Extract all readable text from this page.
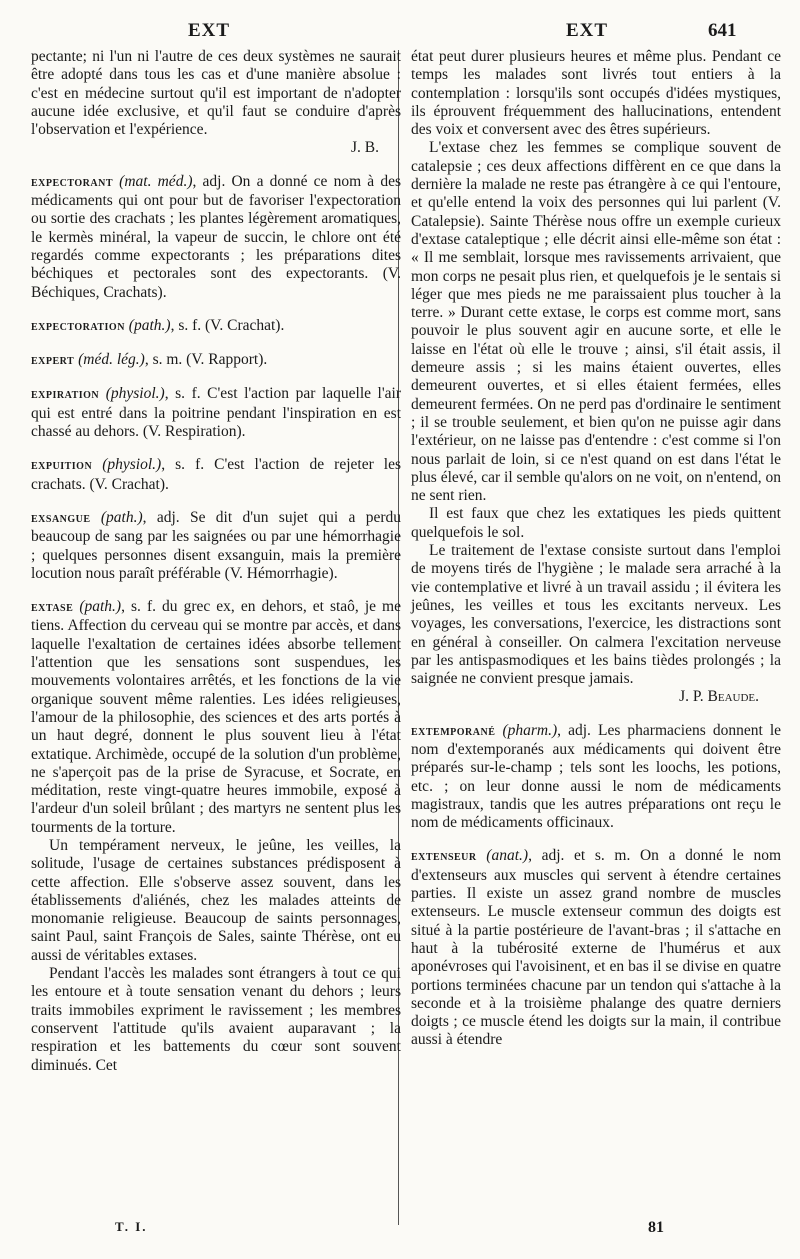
EXT	EXT	641

pectante; ni l'un ni l'autre de ces deux systèmes ne saurait être adopté dans tous les cas et d'une manière absolue : c'est en médecine surtout qu'il est important de n'adopter aucune idée exclusive, et qu'il faut se conduire d'après l'observation et l'expérience.

J. B.

expectorant (mat. méd.), adj. On a donné ce nom à des médicaments qui ont pour but de favoriser l'expectoration ou sortie des crachats ; les plantes légèrement aromatiques, le kermès minéral, la vapeur de succin, le chlore ont été regardés comme expectorants ; les préparations dites béchiques et pectorales sont des expectorants. (V. Béchiques, Crachats).

expectoration (path.), s. f. (V. Crachat).

expert (méd. lég.), s. m. (V. Rapport).

expiration (physiol.), s. f. C'est l'action par laquelle l'air qui est entré dans la poitrine pendant l'inspiration en est chassé au dehors. (V. Respiration).

expuition (physiol.), s. f. C'est l'action de rejeter les crachats. (V. Crachat).

exsangue (path.), adj. Se dit d'un sujet qui a perdu beaucoup de sang par les saignées ou par une hémorrhagie ; quelques personnes disent exsanguin, mais la première locution nous paraît préférable (V. Hémorrhagie).

extase (path.), s. f. du grec ex, en dehors, et staô, je me tiens. Affection du cerveau qui se montre par accès, et dans laquelle l'exaltation de certaines idées absorbe tellement l'attention que les sensations sont suspendues, les mouvements volontaires arrêtés, et les fonctions de la vie organique souvent même ralenties. Les idées religieuses, l'amour de la philosophie, des sciences et des arts portés à un haut degré, donnent le plus souvent lieu à l'état extatique. Archimède, occupé de la solution d'un problème, ne s'aperçoit pas de la prise de Syracuse, et Socrate, en méditation, reste vingt-quatre heures immobile, exposé à l'ardeur d'un soleil brûlant ; des martyrs ne sentent plus les tourments de la torture.

Un tempérament nerveux, le jeûne, les veilles, la solitude, l'usage de certaines substances prédisposent à cette affection. Elle s'observe assez souvent, dans les établissements d'aliénés, chez les malades atteints de monomanie religieuse. Beaucoup de saints personnages, saint Paul, saint François de Sales, sainte Thérèse, ont eu aussi de véritables extases.

Pendant l'accès les malades sont étrangers à tout ce qui les entoure et à toute sensation venant du dehors ; leurs traits immobiles expriment le ravissement ; les membres conservent l'attitude qu'ils avaient auparavant ; la respiration et les battements du cœur sont souvent diminués. Cet

état peut durer plusieurs heures et même plus. Pendant ce temps les malades sont livrés tout entiers à la contemplation : lorsqu'ils sont occupés d'idées mystiques, ils éprouvent fréquemment des hallucinations, entendent des voix et conversent avec des êtres supérieurs.

L'extase chez les femmes se complique souvent de catalepsie ; ces deux affections diffèrent en ce que dans la dernière la malade ne reste pas étrangère à ce qui l'entoure, et qu'elle entend la voix des personnes qui lui parlent (V. Catalepsie). Sainte Thérèse nous offre un exemple curieux d'extase cataleptique ; elle décrit ainsi elle-même son état : « Il me semblait, lorsque mes ravissements arrivaient, que mon corps ne pesait plus rien, et quelquefois je le sentais si léger que mes pieds ne me paraissaient plus toucher à la terre. » Durant cette extase, le corps est comme mort, sans pouvoir le plus souvent agir en aucune sorte, et elle le laisse en l'état où elle le trouve ; ainsi, s'il était assis, il demeure assis ; si les mains étaient ouvertes, elles demeurent ouvertes, et si elles étaient fermées, elles demeurent fermées. On ne perd pas d'ordinaire le sentiment ; il se trouble seulement, et bien qu'on ne puisse agir dans l'extérieur, on ne laisse pas d'entendre : c'est comme si l'on nous parlait de loin, si ce n'est quand on est dans l'état le plus élevé, car il semble qu'alors on ne voit, on n'entend, on ne sent rien.

Il est faux que chez les extatiques les pieds quittent quelquefois le sol.

Le traitement de l'extase consiste surtout dans l'emploi de moyens tirés de l'hygiène ; le malade sera arraché à la vie contemplative et livré à un travail assidu ; il évitera les jeûnes, les veilles et tous les excitants nerveux. Les voyages, les conversations, l'exercice, les distractions sont en général à conseiller. On calmera l'excitation nerveuse par les antispasmodiques et les bains tièdes prolongés ; la saignée ne convient presque jamais.

J. P. Beaude.

extemporané (pharm.), adj. Les pharmaciens donnent le nom d'extemporanés aux médicaments qui doivent être préparés sur-le-champ ; tels sont les loochs, les potions, etc. ; on leur donne aussi le nom de médicaments magistraux, tandis que les autres préparations ont reçu le nom de médicaments officinaux.

extenseur (anat.), adj. et s. m. On a donné le nom d'extenseurs aux muscles qui servent à étendre certaines parties. Il existe un assez grand nombre de muscles extenseurs. Le muscle extenseur commun des doigts est situé à la partie postérieure de l'avant-bras ; il s'attache en haut à la tubérosité externe de l'humérus et aux aponévroses qui l'avoisinent, et en bas il se divise en quatre portions terminées chacune par un tendon qui s'attache à la seconde et à la troisième phalange des quatre derniers doigts ; ce muscle étend les doigts sur la main, il contribue aussi à étendre

T. I.	81
